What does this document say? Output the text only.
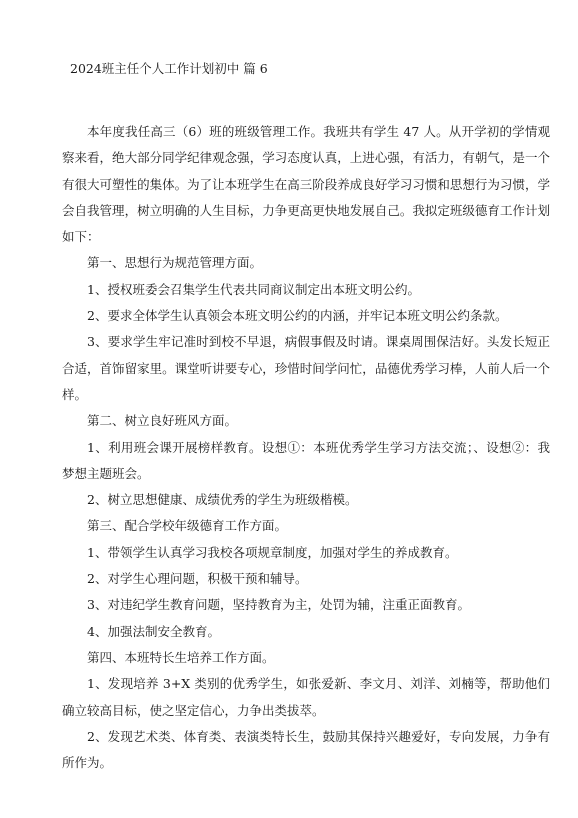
2024班主任个人工作计划初中 篇 6

本年度我任高三（6）班的班级管理工作。我班共有学生 47 人。从开学初的学情观察来看，绝大部分同学纪律观念强，学习态度认真，上进心强，有活力，有朝气，是一个有很大可塑性的集体。为了让本班学生在高三阶段养成良好学习习惯和思想行为习惯，学会自我管理，树立明确的人生目标，力争更高更快地发展自己。我拟定班级德育工作计划如下：

第一、思想行为规范管理方面。

1、授权班委会召集学生代表共同商议制定出本班文明公约。

2、要求全体学生认真领会本班文明公约的内涵，并牢记本班文明公约条款。

3、要求学生牢记准时到校不早退，病假事假及时请。课桌周围保洁好。头发长短正合适，首饰留家里。课堂听讲要专心，珍惜时间学问忙，品德优秀学习棒，人前人后一个样。

第二、树立良好班风方面。

1、利用班会课开展榜样教育。设想①：本班优秀学生学习方法交流；、设想②：我梦想主题班会。

2、树立思想健康、成绩优秀的学生为班级楷模。

第三、配合学校年级德育工作方面。

1、带领学生认真学习我校各项规章制度，加强对学生的养成教育。

2、对学生心理问题，积极干预和辅导。

3、对违纪学生教育问题，坚持教育为主，处罚为辅，注重正面教育。

4、加强法制安全教育。

第四、本班特长生培养工作方面。

1、发现培养 3+X 类别的优秀学生，如张爱新、李文月、刘洋、刘楠等，帮助他们确立较高目标，使之坚定信心，力争出类拔萃。

2、发现艺术类、体育类、表演类特长生，鼓励其保持兴趣爱好，专向发展，力争有所作为。
